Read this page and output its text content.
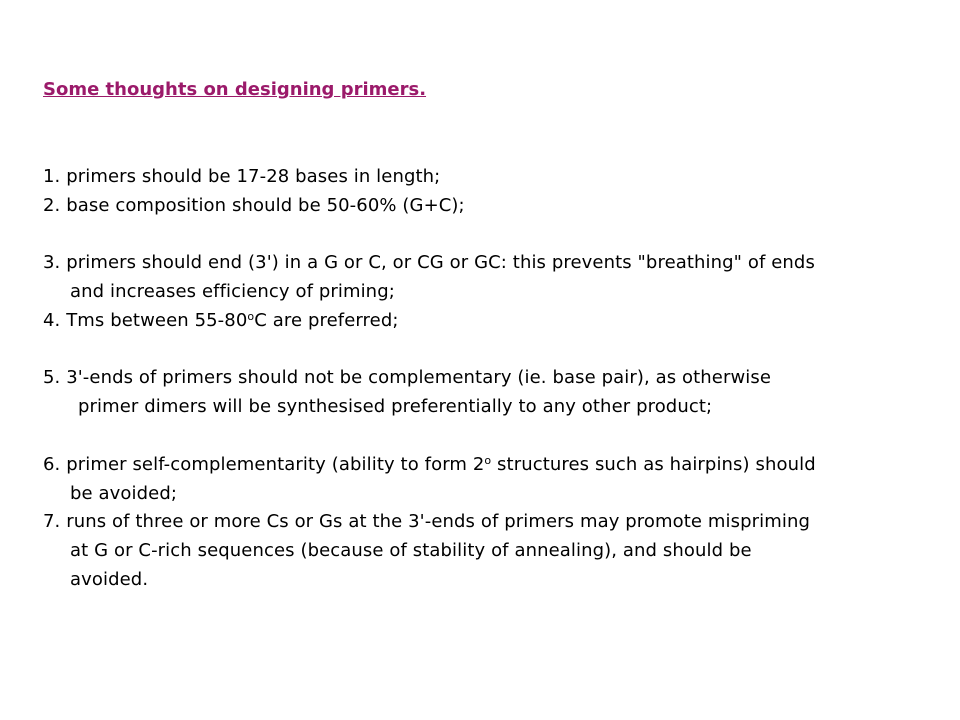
Some thoughts on designing primers.
1. primers should be 17-28 bases in length;
2. base composition should be 50-60% (G+C);
3. primers should end (3') in a G or C, or CG or GC: this prevents "breathing" of ends
and increases efficiency of priming;
4. Tms between 55-80$^o$C are preferred;
5. 3'-ends of primers should not be complementary (ie. base pair), as otherwise
primer dimers will be synthesised preferentially to any other product;
6. primer self-complementarity (ability to form 2$^o$ structures such as hairpins) should
be avoided;
7. runs of three or more Cs or Gs at the 3'-ends of primers may promote mispriming
at G or C-rich sequences (because of stability of annealing), and should be
avoided.
